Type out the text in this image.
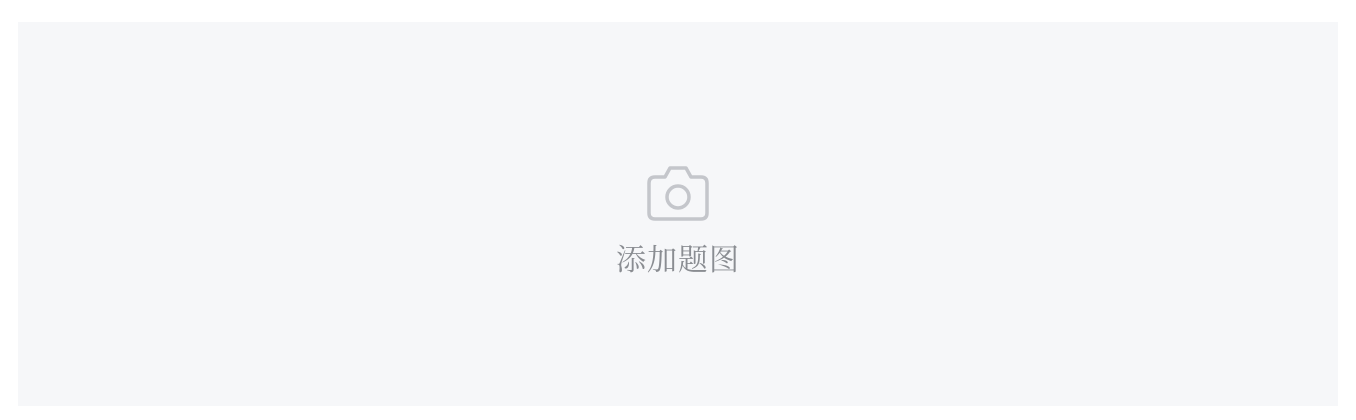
添加题图
